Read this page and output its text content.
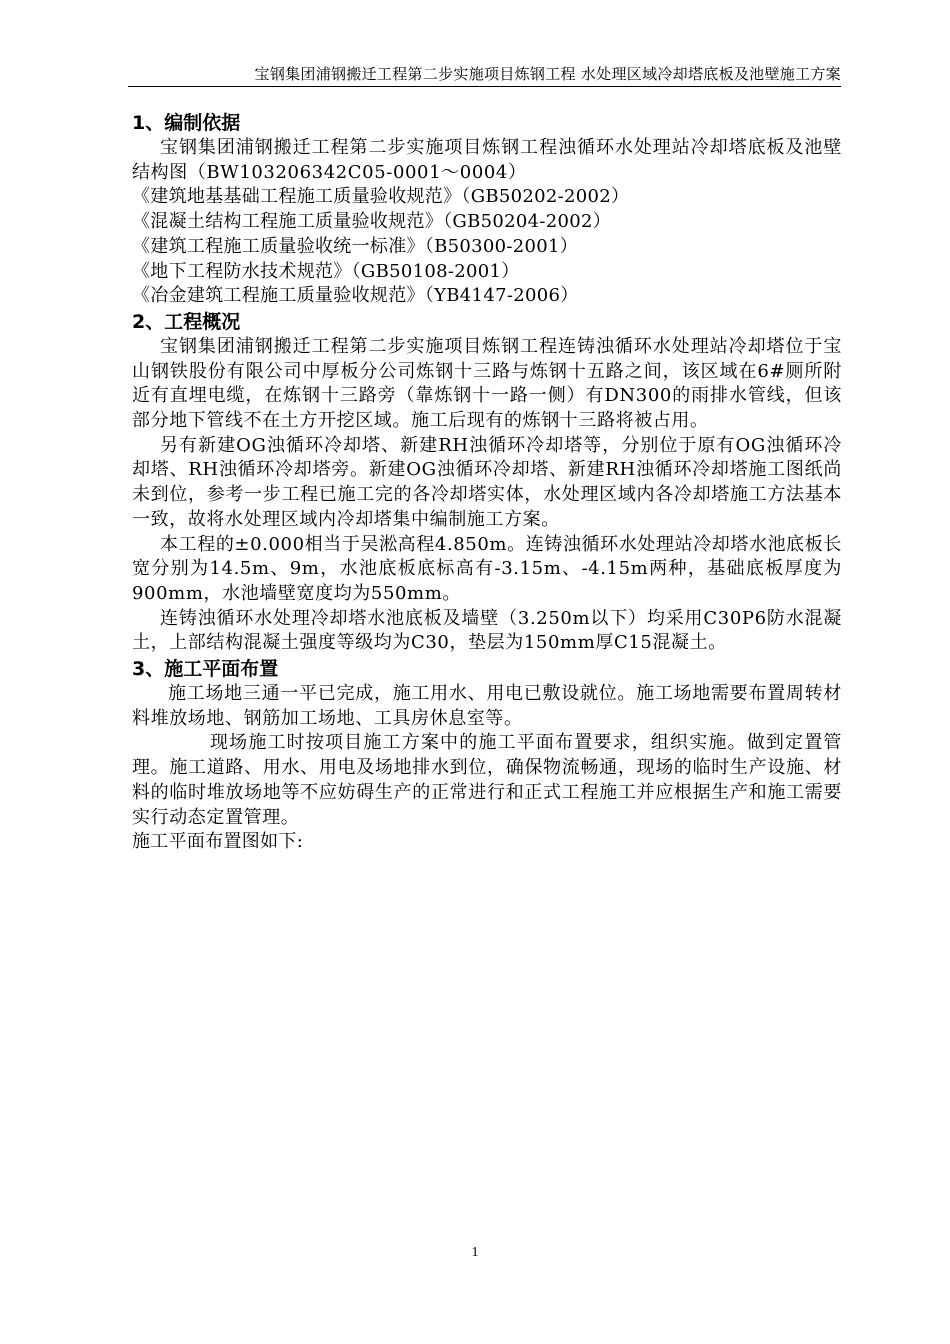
宝钢集团浦钢搬迁工程第二步实施项目炼钢工程 水处理区域冷却塔底板及池壁施工方案

1、编制依据

宝钢集团浦钢搬迁工程第二步实施项目炼钢工程浊循环水处理站冷却塔底板及池壁结构图（BW103206342C05-0001～0004）

《建筑地基基础工程施工质量验收规范》（GB50202-2002）

《混凝土结构工程施工质量验收规范》（GB50204-2002）

《建筑工程施工质量验收统一标准》（B50300-2001）

《地下工程防水技术规范》（GB50108-2001）

《冶金建筑工程施工质量验收规范》（YB4147-2006）

2、工程概况

宝钢集团浦钢搬迁工程第二步实施项目炼钢工程连铸浊循环水处理站冷却塔位于宝山钢铁股份有限公司中厚板分公司炼钢十三路与炼钢十五路之间，该区域在6#厕所附近有直埋电缆，在炼钢十三路旁（靠炼钢十一路一侧）有DN300的雨排水管线，但该部分地下管线不在土方开挖区域。施工后现有的炼钢十三路将被占用。

另有新建OG浊循环冷却塔、新建RH浊循环冷却塔等，分别位于原有OG浊循环冷却塔、RH浊循环冷却塔旁。新建OG浊循环冷却塔、新建RH浊循环冷却塔施工图纸尚未到位，参考一步工程已施工完的各冷却塔实体，水处理区域内各冷却塔施工方法基本一致，故将水处理区域内冷却塔集中编制施工方案。

本工程的±0.000相当于吴淞高程4.850m。连铸浊循环水处理站冷却塔水池底板长宽分别为14.5m、9m，水池底板底标高有-3.15m、-4.15m两种，基础底板厚度为900mm，水池墙壁宽度均为550mm。

连铸浊循环水处理冷却塔水池底板及墙壁（3.250m以下）均采用C30P6防水混凝土，上部结构混凝土强度等级均为C30，垫层为150mm厚C15混凝土。

3、施工平面布置

施工场地三通一平已完成，施工用水、用电已敷设就位。施工场地需要布置周转材料堆放场地、钢筋加工场地、工具房休息室等。

现场施工时按项目施工方案中的施工平面布置要求，组织实施。做到定置管理。施工道路、用水、用电及场地排水到位，确保物流畅通，现场的临时生产设施、材料的临时堆放场地等不应妨碍生产的正常进行和正式工程施工并应根据生产和施工需要实行动态定置管理。

施工平面布置图如下:

1
